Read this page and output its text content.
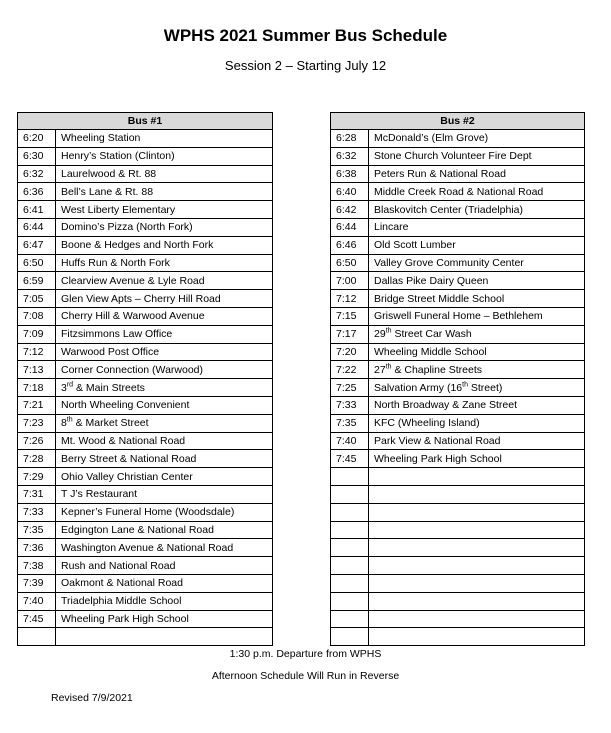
WPHS 2021 Summer Bus Schedule
Session 2 – Starting July 12
Bus #1	
6:20	Wheeling Station
6:30	Henry’s Station (Clinton)
6:32	Laurelwood & Rt. 88
6:36	Bell’s Lane & Rt. 88
6:41	West Liberty Elementary
6:44	Domino’s Pizza (North Fork)
6:47	Boone & Hedges and North Fork
6:50	Huffs Run & North Fork
6:59	Clearview Avenue & Lyle Road
7:05	Glen View Apts – Cherry Hill Road
7:08	Cherry Hill & Warwood Avenue
7:09	Fitzsimmons Law Office
7:12	Warwood Post Office
7:13	Corner Connection (Warwood)
7:18	3rd & Main Streets
7:21	North Wheeling Convenient
7:23	8th & Market Street
7:26	Mt. Wood & National Road
7:28	Berry Street & National Road
7:29	Ohio Valley Christian Center
7:31	T J’s Restaurant
7:33	Kepner’s Funeral Home (Woodsdale)
7:35	Edgington Lane & National Road
7:36	Washington Avenue & National Road
7:38	Rush and National Road
7:39	Oakmont & National Road
7:40	Triadelphia Middle School
7:45	Wheeling Park High School

Bus #2	
6:28	McDonald’s (Elm Grove)
6:32	Stone Church Volunteer Fire Dept
6:38	Peters Run & National Road
6:40	Middle Creek Road & National Road
6:42	Blaskovitch Center (Triadelphia)
6:44	Lincare
6:46	Old Scott Lumber
6:50	Valley Grove Community Center
7:00	Dallas Pike Dairy Queen
7:12	Bridge Street Middle School
7:15	Griswell Funeral Home – Bethlehem
7:17	29th Street Car Wash
7:20	Wheeling Middle School
7:22	27th & Chapline Streets
7:25	Salvation Army (16th Street)
7:33	North Broadway & Zane Street
7:35	KFC (Wheeling Island)
7:40	Park View & National Road
7:45	Wheeling Park High School

1:30 p.m. Departure from WPHS
Afternoon Schedule Will Run in Reverse
Revised 7/9/2021
